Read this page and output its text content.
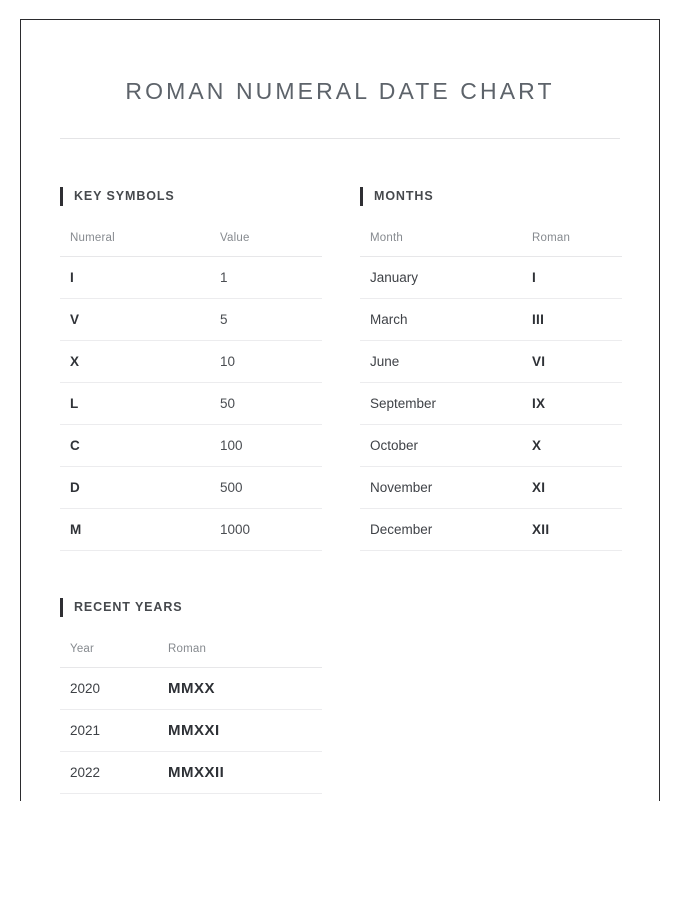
ROMAN NUMERAL DATE CHART
KEY SYMBOLS
Numeral	Value
I	1
V	5
X	10
L	50
C	100
D	500
M	1000
RECENT YEARS
Year	Roman
2020	MMXX
2021	MMXXI
2022	MMXXII
MONTHS
Month	Roman
January	I
March	III
June	VI
September	IX
October	X
November	XI
December	XII
